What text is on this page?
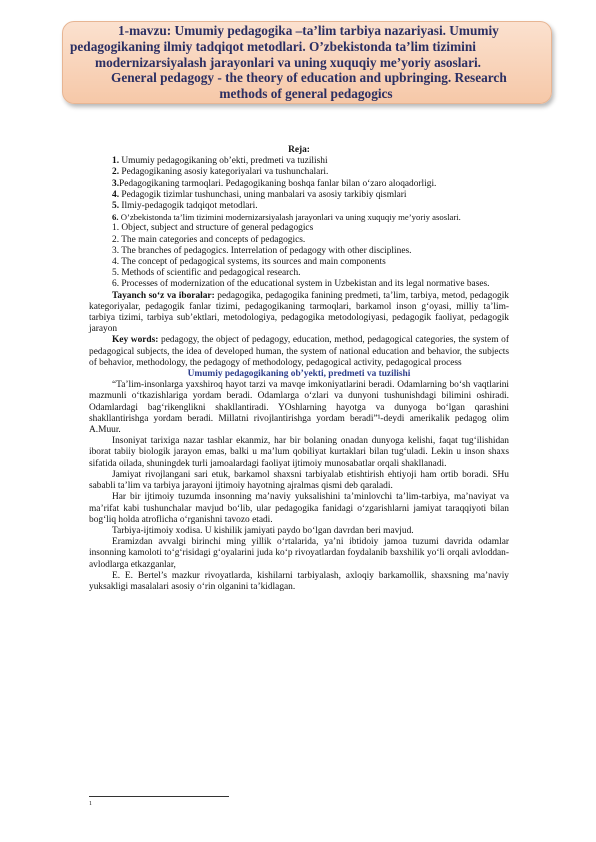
1-mavzu: Umumiy pedagogika –ta’lim tarbiya nazariyasi. Umumiy
pedagogikaning ilmiy tadqiqot metodlari. O’zbekistonda ta’lim tizimini
modernizarsiyalash jarayonlari va uning xuquqiy me’yoriy asoslari.
General pedagogy - the theory of education and upbringing. Research
methods of general pedagogics

Reja:

1. Umumiy pedagogikaning ob’ekti, predmeti va tuzilishi

2. Pedagogikaning asosiy kategoriyalari va tushunchalari.

3.Pedagogikaning tarmoqlari. Pedagogikaning boshqa fanlar bilan o‘zaro aloqadorligi.

4. Pedagogik tizimlar tushunchasi, uning manbalari va asosiy tarkibiy qismlari

5. Ilmiy-pedagogik tadqiqot metodlari.

6. O’zbekistonda ta’lim tizimini modernizarsiyalash jarayonlari va uning xuquqiy me’yoriy asoslari.

1. Object, subject and structure of general pedagogics

2. The main categories and concepts of pedagogics.

3. The branches of pedagogics. Interrelation of pedagogy with other disciplines.

4. The concept of pedagogical systems, its sources and main components

5. Methods of scientific and pedagogical research.

6. Processes of modernization of the educational system in Uzbekistan and its legal normative bases.

Tayanch so‘z va iboralar: pedagogika, pedagogika fanining predmeti, ta’lim, tarbiya, metod, pedagogik kategoriyalar, pedagogik fanlar tizimi, pedagogikaning tarmoqlari, barkamol inson g‘oyasi, milliy ta’lim-tarbiya tizimi, tarbiya sub’ektlari, metodologiya, pedagogika metodologiyasi, pedagogik faoliyat, pedagogik jarayon

Key words: pedagogy, the object of pedagogy, education, method, pedagogical categories, the system of pedagogical subjects, the idea of developed human, the system of national education and behavior, the subjects of behavior, methodology, the pedagogy of methodology, pedagogical activity, pedagogical process

Umumiy pedagogikaning ob’yekti, predmeti va tuzilishi

“Ta’lim-insonlarga yaxshiroq hayot tarzi va mavqe imkoniyatlarini beradi. Odamlarning bo‘sh vaqtlarini mazmunli o‘tkazishlariga yordam beradi. Odamlarga o‘zlari va dunyoni tushunishdagi bilimini oshiradi. Odamlardagi bag‘rikenglikni shakllantiradi. YOshlarning hayotga va dunyoga bo‘lgan qarashini shakllantirishga yordam beradi. Millatni rivojlantirishga yordam beradi”¹-deydi amerikalik pedagog olim A.Muur.

Insoniyat tarixiga nazar tashlar ekanmiz, har bir bolaning onadan dunyoga kelishi, faqat tug‘ilishidan iborat tabiiy biologik jarayon emas, balki u ma’lum qobiliyat kurtaklari bilan tug‘uladi. Lekin u inson shaxs sifatida oilada, shuningdek turli jamoalardagi faoliyat ijtimoiy munosabatlar orqali shakllanadi.

Jamiyat rivojlangani sari etuk, barkamol shaxsni tarbiyalab etishtirish ehtiyoji ham ortib boradi. SHu sababli ta’lim va tarbiya jarayoni ijtimoiy hayotning ajralmas qismi deb qaraladi.

Har bir ijtimoiy tuzumda insonning ma’naviy yuksalishini ta’minlovchi ta’lim-tarbiya, ma’naviyat va ma’rifat kabi tushunchalar mavjud bo‘lib, ular pedagogika fanidagi o‘zgarishlarni jamiyat taraqqiyoti bilan bog‘liq holda atroflicha o‘rganishni tavozo etadi.

Tarbiya-ijtimoiy xodisa. U kishilik jamiyati paydo bo‘lgan davrdan beri mavjud.

Eramizdan avvalgi birinchi ming yillik o‘rtalarida, ya’ni ibtidoiy jamoa tuzumi davrida odamlar insonning kamoloti to‘g‘risidagi g‘oyalarini juda ko‘p rivoyatlardan foydalanib baxshilik yo‘li orqali avloddan-avlodlarga etkazganlar,

E. E. Bertel’s mazkur rivoyatlarda, kishilarni tarbiyalash, axloqiy barkamollik, shaxsning ma’naviy yuksakligi masalalari asosiy o‘rin olganini ta’kidlagan.

1
